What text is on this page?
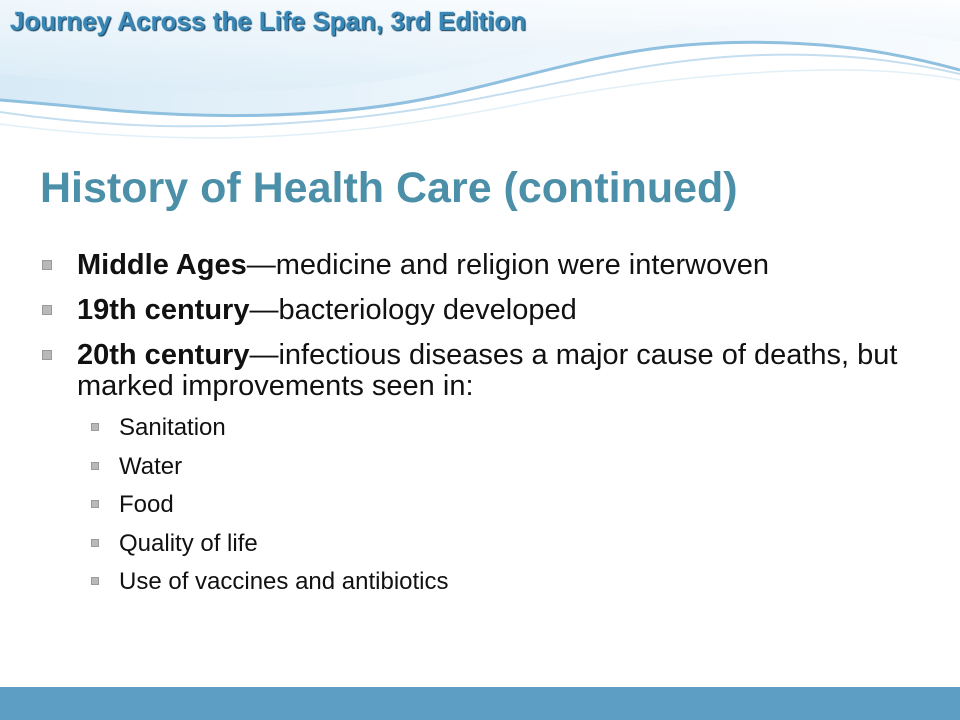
Journey Across the Life Span, 3rd Edition
History of Health Care (continued)
Middle Ages—medicine and religion were interwoven
19th century—bacteriology developed
20th century—infectious diseases a major cause of deaths, but marked improvements seen in:
Sanitation
Water
Food
Quality of life
Use of vaccines and antibiotics
